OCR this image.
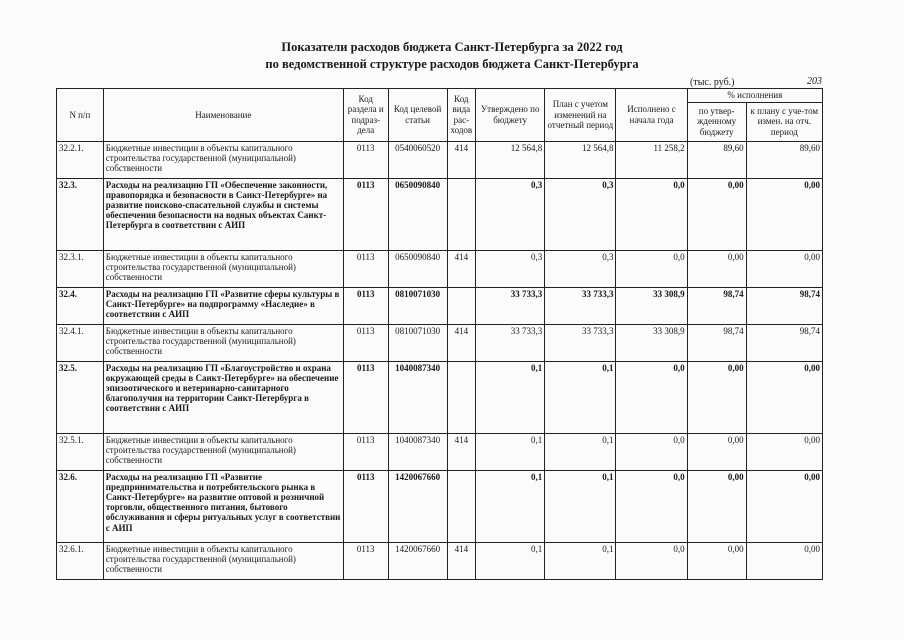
Показатели расходов бюджета Санкт-Петербурга за 2022 год
по ведомственной структуре расходов бюджета Санкт-Петербурга
(тыс. руб.)	203
N п/п	Наименование	Код раздела и подраз-дела	Код целевой статьи	Код вида рас-ходов	Утверждено по бюджету	План с учетом изменений на отчетный период	Исполнено с начала года	% исполнения	
								по утвер-жденному бюджету	к плану с уче-том измен. на отч. период
32.2.1.	Бюджетные инвестиции в объекты капитального строительства государственной (муниципальной) собственности	0113	0540060520	414	12 564,8	12 564,8	11 258,2	89,60	89,60
32.3.	Расходы на реализацию ГП «Обеспечение законности, правопорядка и безопасности в Санкт-Петербурге» на развитие поисково-спасательной службы и системы обеспечения безопасности на водных объектах Санкт-Петербурга в соответствии с АИП	0113	0650090840		0,3	0,3	0,0	0,00	0,00
32.3.1.	Бюджетные инвестиции в объекты капитального строительства государственной (муниципальной) собственности	0113	0650090840	414	0,3	0,3	0,0	0,00	0,00
32.4.	Расходы на реализацию ГП «Развитие сферы культуры в Санкт-Петербурге» на подпрограмму «Наследие» в соответствии с АИП	0113	0810071030		33 733,3	33 733,3	33 308,9	98,74	98,74
32.4.1.	Бюджетные инвестиции в объекты капитального строительства государственной (муниципальной) собственности	0113	0810071030	414	33 733,3	33 733,3	33 308,9	98,74	98,74
32.5.	Расходы на реализацию ГП «Благоустройство и охрана окружающей среды в Санкт-Петербурге» на обеспечение эпизоотического и ветеринарно-санитарного благополучия на территории Санкт-Петербурга в соответствии с АИП	0113	1040087340		0,1	0,1	0,0	0,00	0,00
32.5.1.	Бюджетные инвестиции в объекты капитального строительства государственной (муниципальной) собственности	0113	1040087340	414	0,1	0,1	0,0	0,00	0,00
32.6.	Расходы на реализацию ГП «Развитие предпринимательства и потребительского рынка в Санкт-Петербурге» на развитие оптовой и розничной торговли, общественного питания, бытового обслуживания и сферы ритуальных услуг в соответствии с АИП	0113	1420067660		0,1	0,1	0,0	0,00	0,00
32.6.1.	Бюджетные инвестиции в объекты капитального строительства государственной (муниципальной) собственности	0113	1420067660	414	0,1	0,1	0,0	0,00	0,00
